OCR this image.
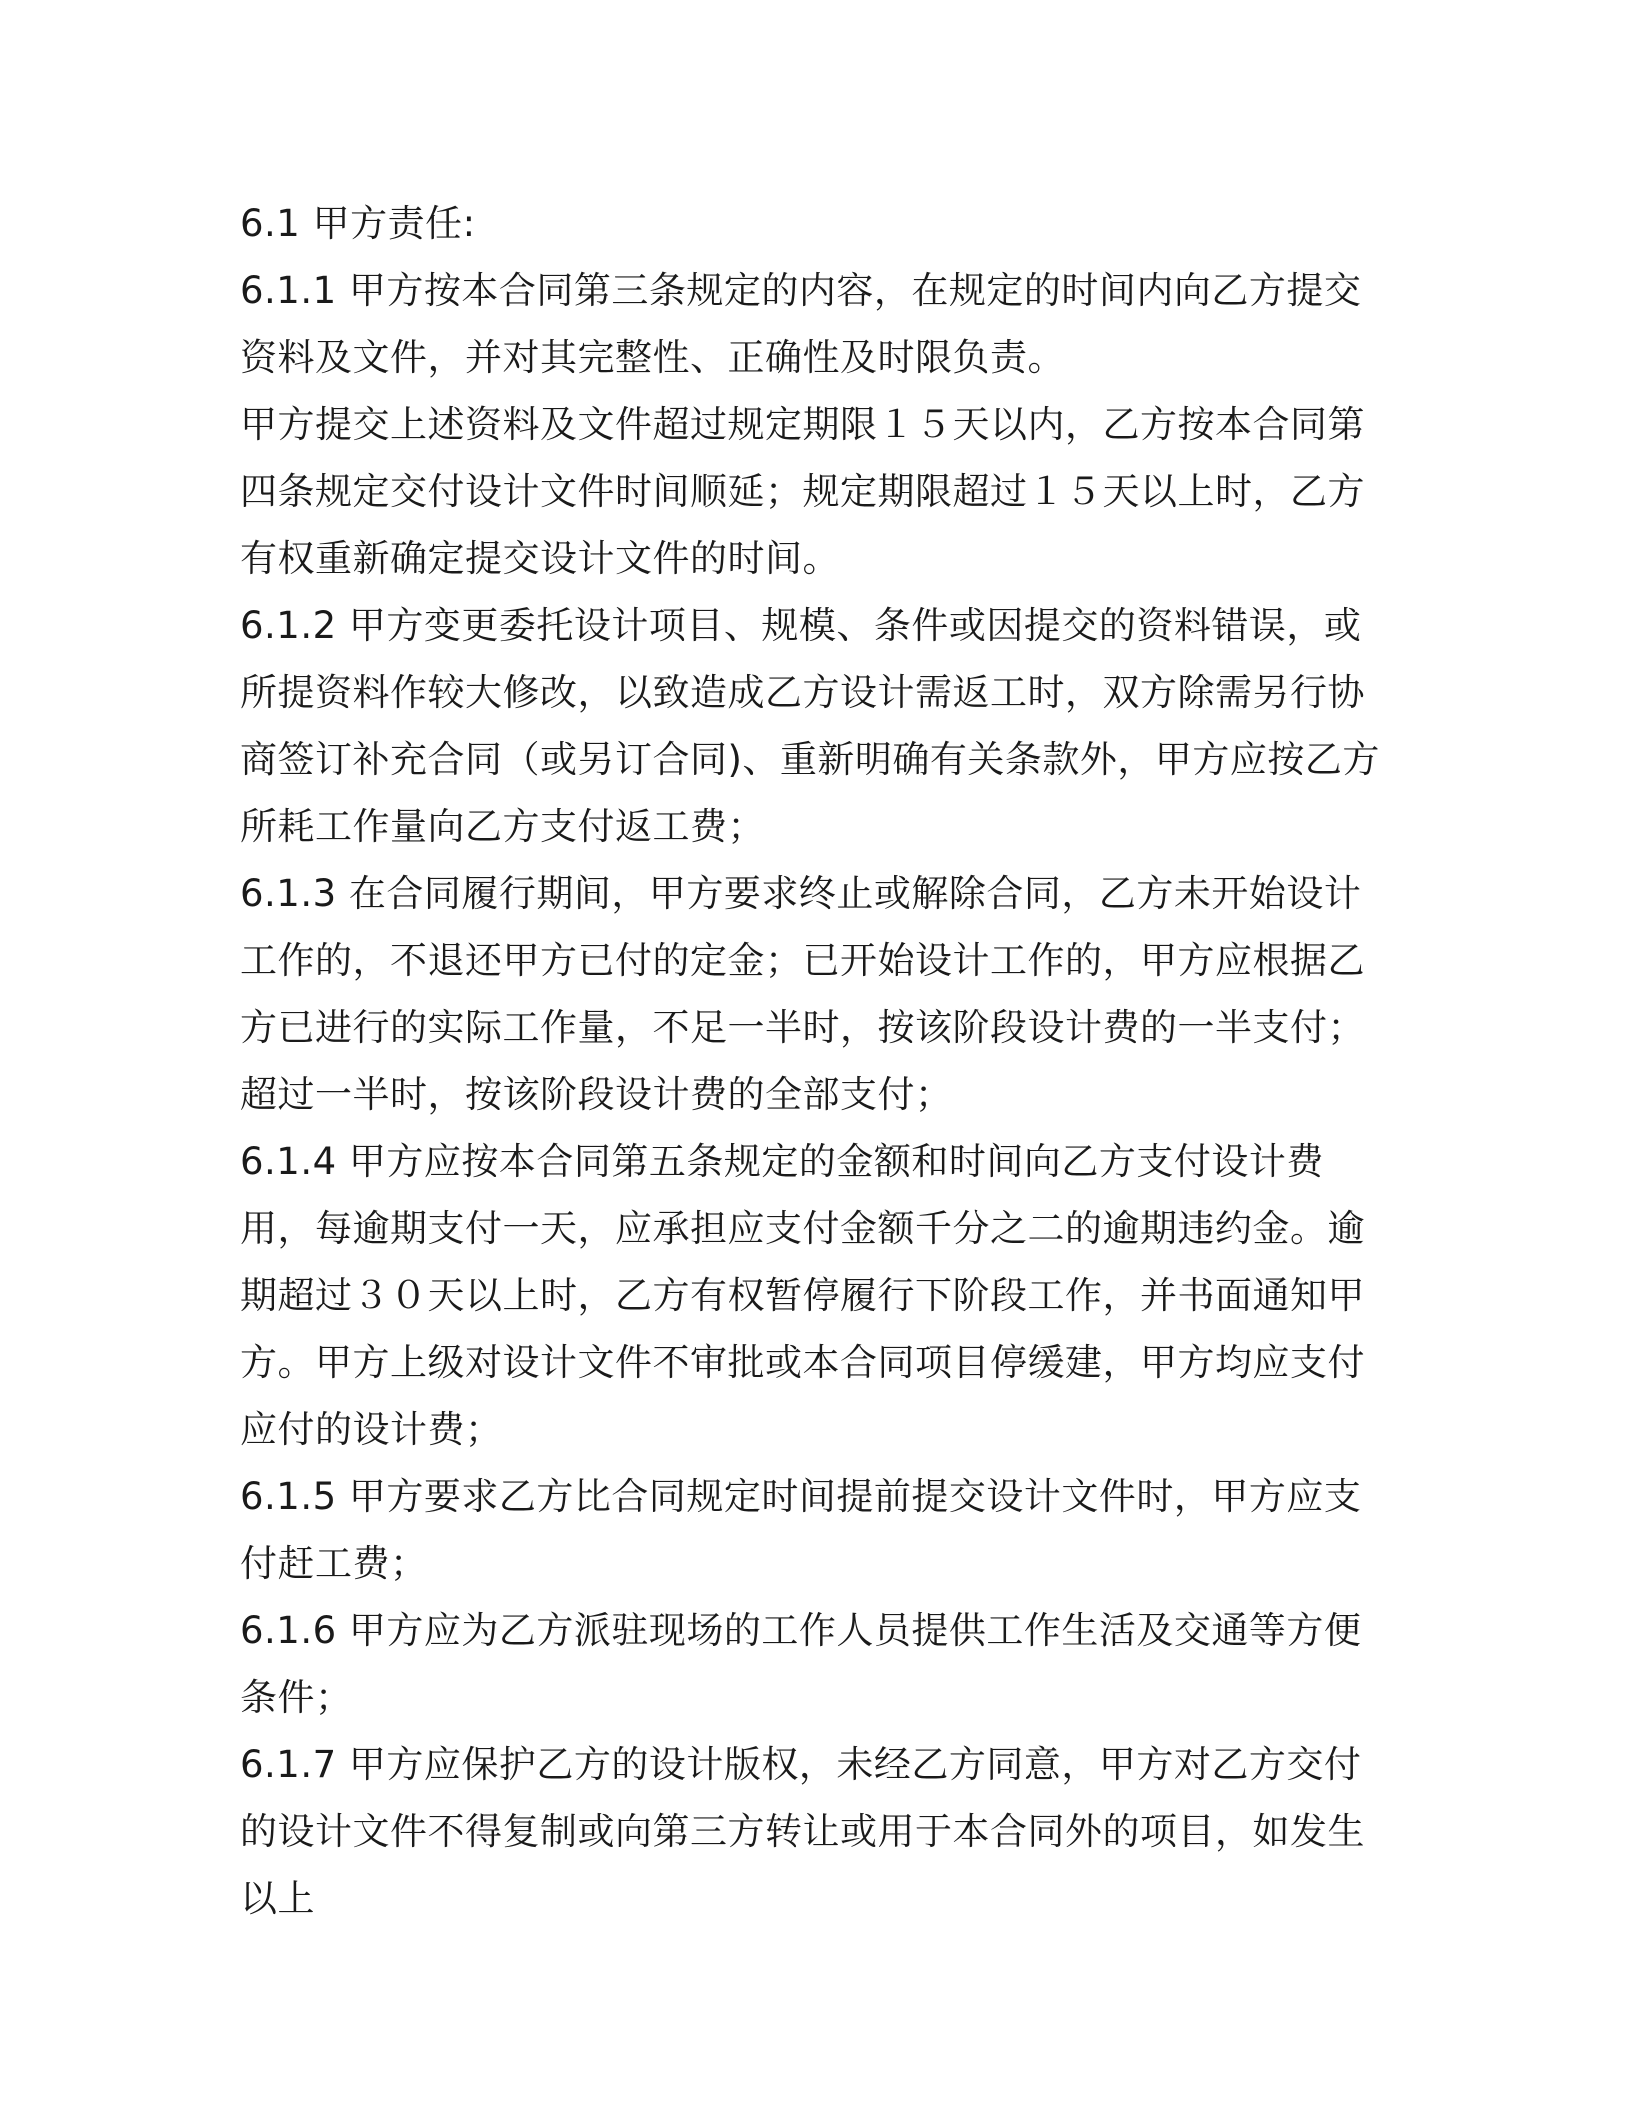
6.1 甲方责任:

6.1.1 甲方按本合同第三条规定的内容，在规定的时间内向乙方提交资料及文件，并对其完整性、正确性及时限负责。

甲方提交上述资料及文件超过规定期限１５天以内，乙方按本合同第四条规定交付设计文件时间顺延；规定期限超过１５天以上时，乙方有权重新确定提交设计文件的时间。

6.1.2 甲方变更委托设计项目、规模、条件或因提交的资料错误，或所提资料作较大修改，以致造成乙方设计需返工时，双方除需另行协商签订补充合同（或另订合同)、重新明确有关条款外，甲方应按乙方所耗工作量向乙方支付返工费；

6.1.3 在合同履行期间，甲方要求终止或解除合同，乙方未开始设计工作的，不退还甲方已付的定金；已开始设计工作的，甲方应根据乙方已进行的实际工作量，不足一半时，按该阶段设计费的一半支付；超过一半时，按该阶段设计费的全部支付；

6.1.4 甲方应按本合同第五条规定的金额和时间向乙方支付设计费用，每逾期支付一天，应承担应支付金额千分之二的逾期违约金。逾期超过３０天以上时，乙方有权暂停履行下阶段工作，并书面通知甲方。甲方上级对设计文件不审批或本合同项目停缓建，甲方均应支付应付的设计费；

6.1.5 甲方要求乙方比合同规定时间提前提交设计文件时，甲方应支付赶工费；

6.1.6 甲方应为乙方派驻现场的工作人员提供工作生活及交通等方便条件；

6.1.7 甲方应保护乙方的设计版权，未经乙方同意，甲方对乙方交付的设计文件不得复制或向第三方转让或用于本合同外的项目，如发生以上
